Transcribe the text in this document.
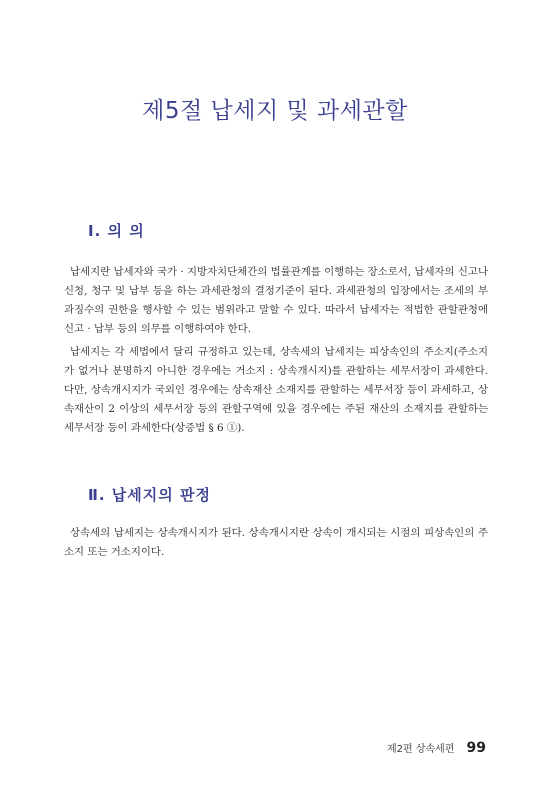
제5절 납세지 및 과세관할
Ⅰ. 의 의

납세지란 납세자와 국가 · 지방자치단체간의 법률관계를 이행하는 장소로서, 납세자의 신고나 신청, 청구 및 납부 등을 하는 과세관청의 결정기준이 된다. 과세관청의 입장에서는 조세의 부과징수의 권한을 행사할 수 있는 범위라고 말할 수 있다. 따라서 납세자는 적법한 관할관청에 신고 · 납부 등의 의무를 이행하여야 한다.

납세지는 각 세법에서 달리 규정하고 있는데, 상속세의 납세지는 피상속인의 주소지(주소지가 없거나 분명하지 아니한 경우에는 거소지 : 상속개시지)를 관할하는 세무서장이 과세한다. 다만, 상속개시지가 국외인 경우에는 상속재산 소재지를 관할하는 세무서장 등이 과세하고, 상속재산이 2 이상의 세무서장 등의 관할구역에 있을 경우에는 주된 재산의 소재지를 관할하는 세무서장 등이 과세한다(상증법 § 6 ①).

Ⅱ. 납세지의 판정

상속세의 납세지는 상속개시지가 된다. 상속개시지란 상속이 개시되는 시점의 피상속인의 주소지 또는 거소지이다.

제2편 상속세편 99
